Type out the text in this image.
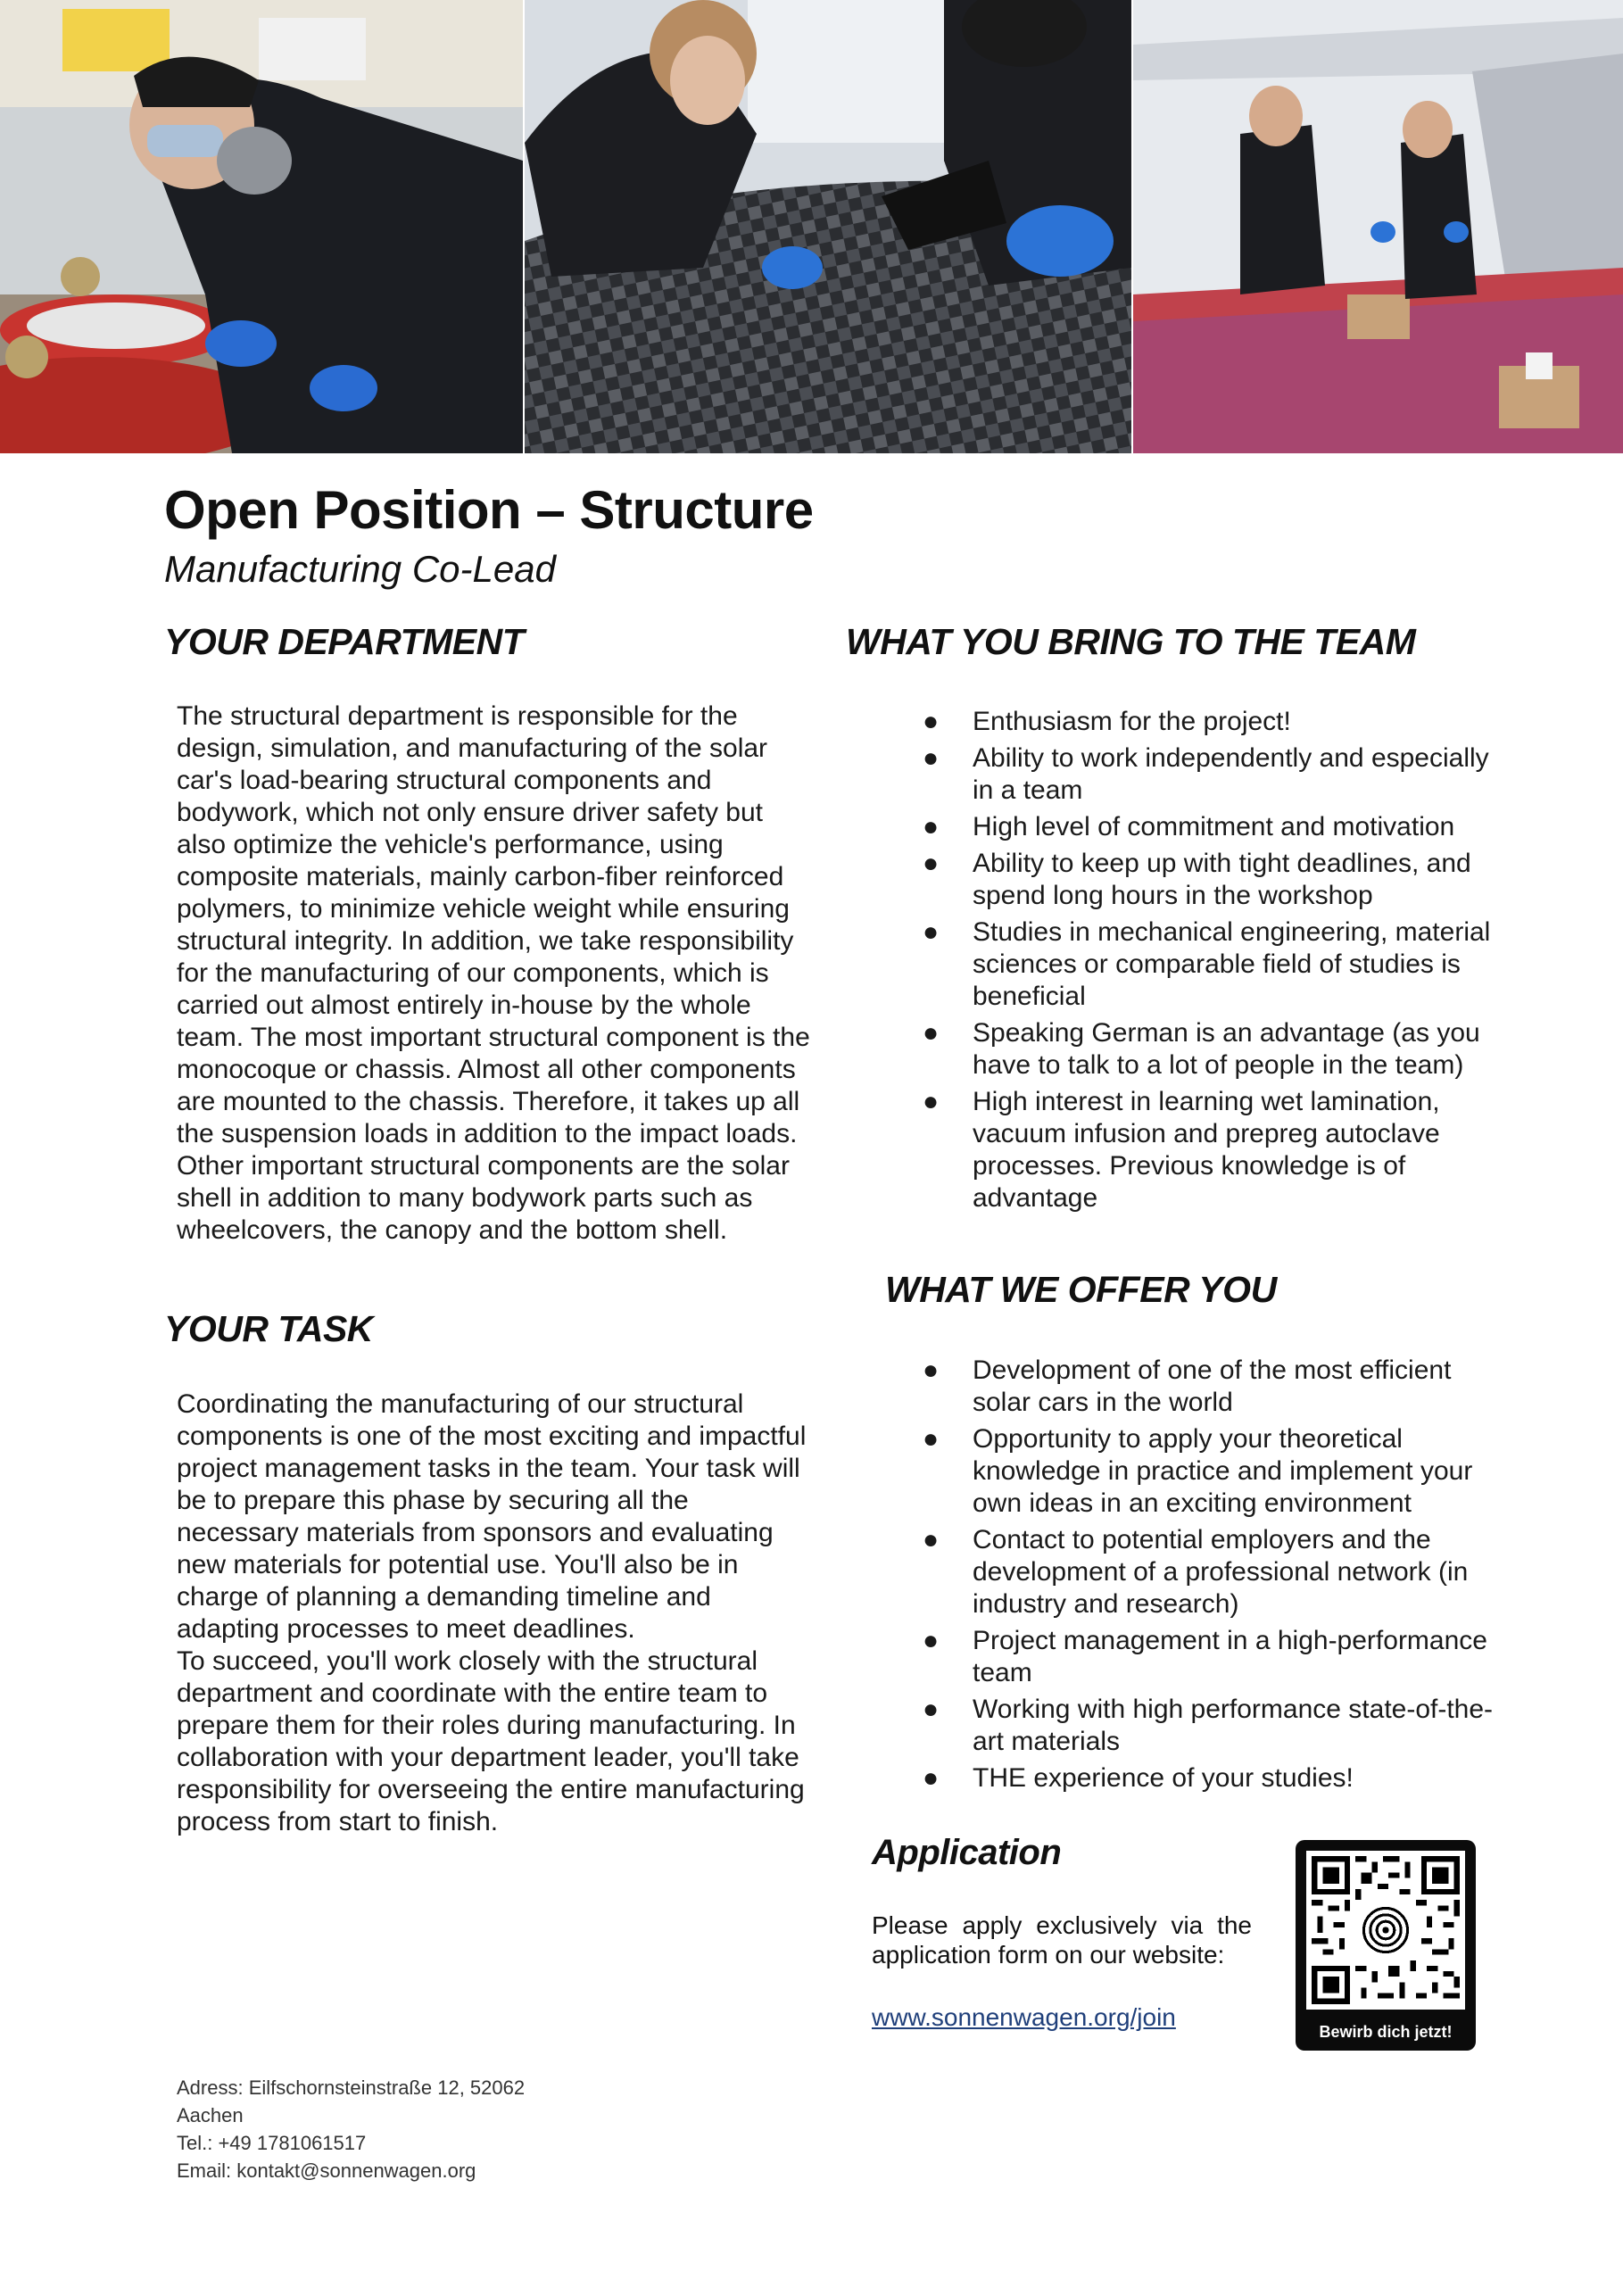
Open Position – Structure
Manufacturing Co-Lead
YOUR DEPARTMENT

The structural department is responsible for the design, simulation, and manufacturing of the solar car's load-bearing structural components and bodywork, which not only ensure driver safety but also optimize the vehicle's performance, using composite materials, mainly carbon-fiber reinforced polymers, to minimize vehicle weight while ensuring structural integrity. In addition, we take responsibility for the manufacturing of our components, which is carried out almost entirely in-house by the whole team. The most important structural component is the monocoque or chassis. Almost all other components are mounted to the chassis. Therefore, it takes up all the suspension loads in addition to the impact loads. Other important structural components are the solar shell in addition to many bodywork parts such as wheelcovers, the canopy and the bottom shell.

YOUR TASK

Coordinating the manufacturing of our structural components is one of the most exciting and impactful project management tasks in the team. Your task will be to prepare this phase by securing all the necessary materials from sponsors and evaluating new materials for potential use. You'll also be in charge of planning a demanding timeline and adapting processes to meet deadlines.

To succeed, you'll work closely with the structural department and coordinate with the entire team to prepare them for their roles during manufacturing. In collaboration with your department leader, you'll take responsibility for overseeing the entire manufacturing process from start to finish.

WHAT YOU BRING TO THE TEAM
● Enthusiasm for the project!
● Ability to work independently and especially in a team
● High level of commitment and motivation
● Ability to keep up with tight deadlines, and spend long hours in the workshop
● Studies in mechanical engineering, material sciences or comparable field of studies is beneficial
● Speaking German is an advantage (as you have to talk to a lot of people in the team)
● High interest in learning wet lamination, vacuum infusion and prepreg autoclave processes. Previous knowledge is of advantage
WHAT WE OFFER YOU
● Development of one of the most efficient solar cars in the world
● Opportunity to apply your theoretical knowledge in practice and implement your own ideas in an exciting environment
● Contact to potential employers and the development of a professional network (in industry and research)
● Project management in a high-performance team
● Working with high performance state-of-the-art materials
● THE experience of your studies!
Application

Please apply exclusively via the application form on our website:

www.sonnenwagen.org/join
Bewirb dich jetzt!
Adress: Eilfschornsteinstraße 12, 52062
Aachen
Tel.: +49 1781061517
Email: kontakt@sonnenwagen.org
